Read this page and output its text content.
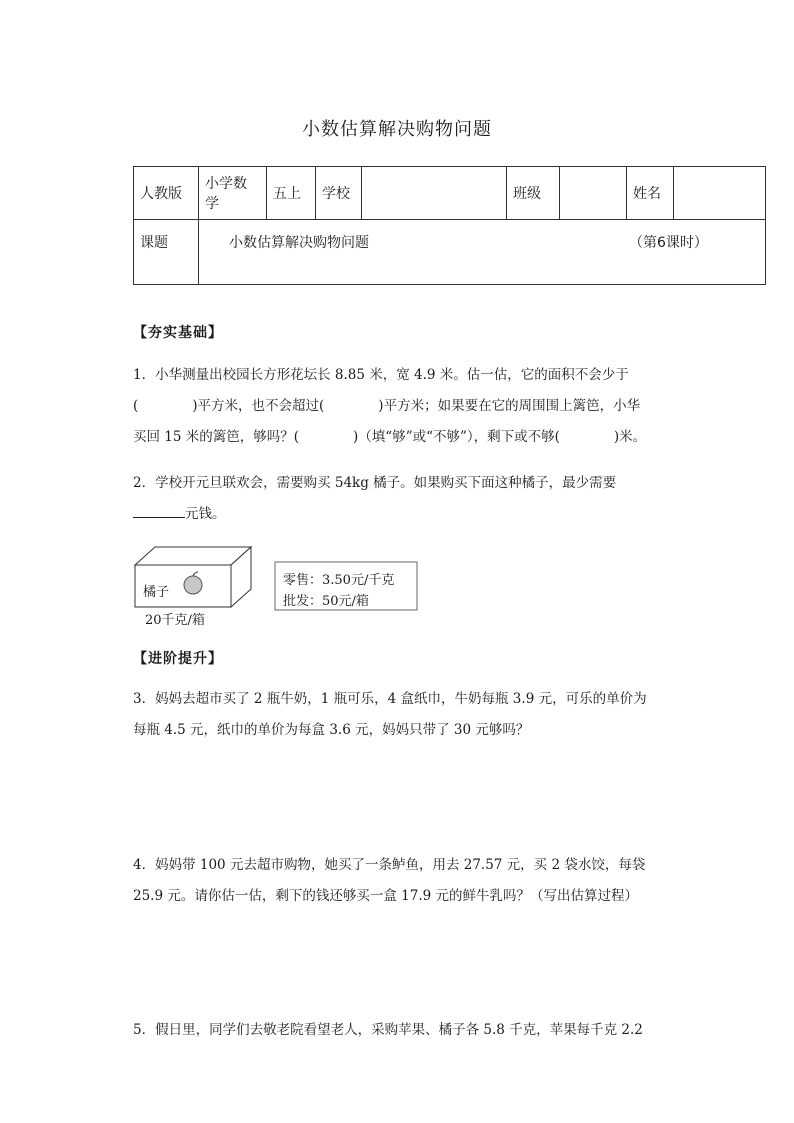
小数估算解决购物问题
人教版	小学数学	五上	学校		班级		姓名	
课题	小数估算解决购物问题 （第6课时）							
【夯实基础】

1．小华测量出校园长方形花坛长 8.85 米，宽 4.9 米。估一估，它的面积不会少于

(　　　　)平方米，也不会超过(　　　　)平方米；如果要在它的周围围上篱笆，小华

买回 15 米的篱笆，够吗？(　　　　)（填“够”或“不够”），剩下或不够(　　　　)米。

2．学校开元旦联欢会，需要购买 54kg 橘子。如果购买下面这种橘子，最少需要

元钱。

橘子
20千克/箱
零售：3.50元/千克
批发：50元/箱
【进阶提升】

3．妈妈去超市买了 2 瓶牛奶，1 瓶可乐，4 盒纸巾，牛奶每瓶 3.9 元，可乐的单价为

每瓶 4.5 元，纸巾的单价为每盒 3.6 元，妈妈只带了 30 元够吗？

4．妈妈带 100 元去超市购物，她买了一条鲈鱼，用去 27.57 元，买 2 袋水饺，每袋

25.9 元。请你估一估，剩下的钱还够买一盒 17.9 元的鲜牛乳吗？（写出估算过程）

5．假日里，同学们去敬老院看望老人，采购苹果、橘子各 5.8 千克，苹果每千克 2.2
